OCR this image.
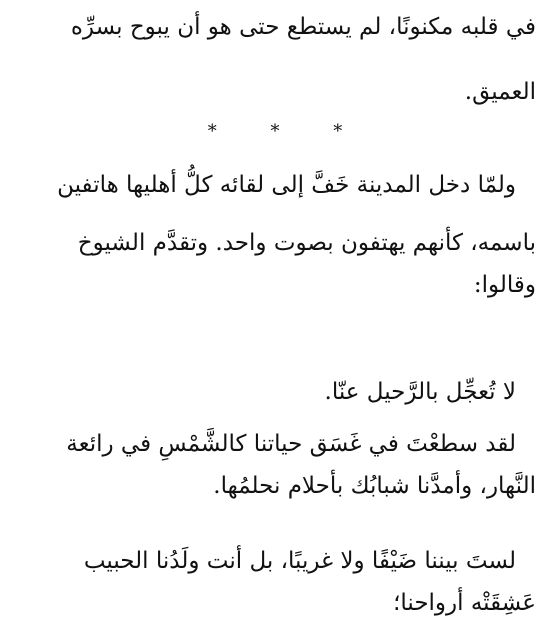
في قلبه مكنونًا، لم يستطع حتى هو أن يبوح بسرِّه
العميق.
*	*	*
ولمّا دخل المدينة خَفَّ إلى لقائه كلُّ أهليها هاتفين
باسمه، كأنهم يهتفون بصوت واحد. وتقدَّم الشيوخ
وقالوا:
لا تُعجِّل بالرَّحيل عنّا.
لقد سطعْتَ في غَسَق حياتنا كالشَّمْسِ في رائعة
النَّهار، وأمدَّنا شبابُك بأحلام نحلمُها.
لستَ بيننا ضَيْفًا ولا غريبًا، بل أنت ولَدُنا الحبيب
عَشِقَتْه أرواحنا؛
